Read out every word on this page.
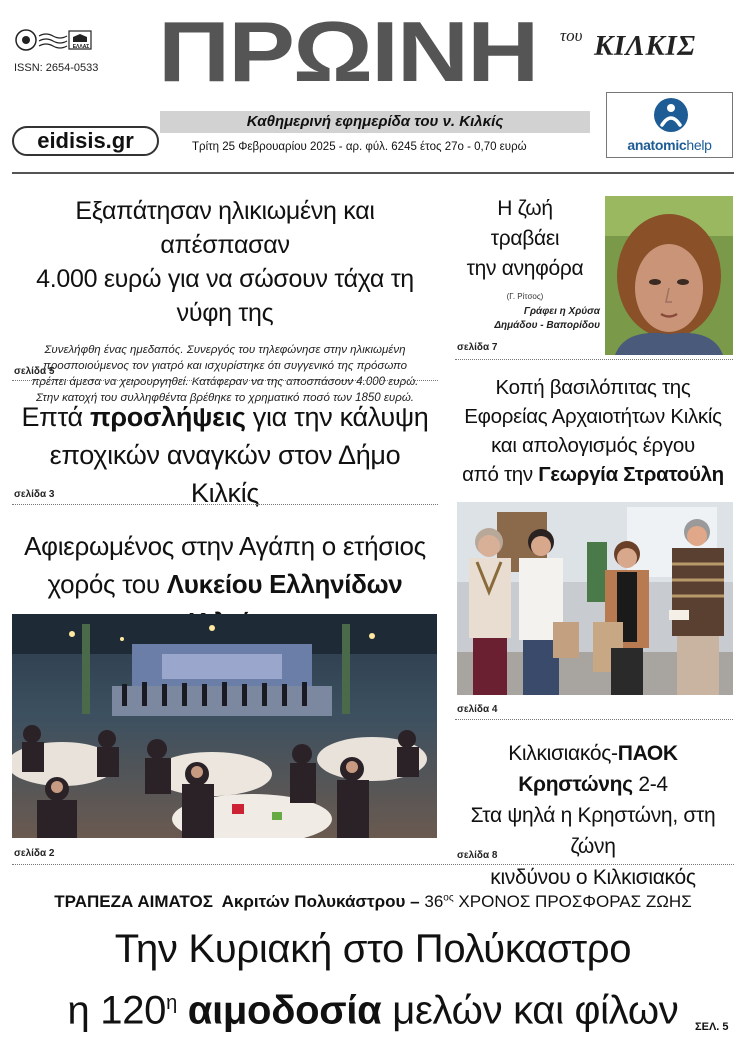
ΕΛΛΑΣ
ISSN: 2654-0533 ΠΡΩΙΝΗ	του ΚΙΛΚΙΣ
Καθημερινή εφημερίδα του ν. Κιλκίς
eidisis.gr	Τρίτη 25 Φεβρουαρίου 2025 - αρ. φύλ. 6245 έτος 27ο - 0,70 ευρώ	anatomichelp
Εξαπάτησαν ηλικιωμένη και απέσπασαν
4.000 ευρώ για να σώσουν τάχα τη νύφη της
Συνελήφθη ένας ημεδαπός. Συνεργός του τηλεφώνησε στην ηλικιωμένη
προσποιούμενος τον γιατρό και ισχυρίστηκε ότι συγγενικό της πρόσωπο
πρέπει άμεσα να χειρουργηθεί. Κατάφεραν να της αποσπάσουν 4.000 ευρώ.
Στην κατοχή του συλληφθέντα βρέθηκε το χρηματικό ποσό των 1850 ευρώ.
σελίδα 5
Επτά προσλήψεις για την κάλυψη
εποχικών αναγκών στον Δήμο Κιλκίς
σελίδα 3
Αφιερωμένος στην Αγάπη ο ετήσιος
χορός του Λυκείου Ελληνίδων
σελίδα 2
Η ζωή
τραβάει
την ανηφόρα
(Γ. Ρίτσος)
Γράφει η Χρύσα
Δημάδου - Βαπορίδου
σελίδα 7
Κοπή βασιλόπιτας της
Εφορείας Αρχαιοτήτων Κιλκίς
και απολογισμός έργου
από την Γεωργία Στρατούλη
σελίδα 4
Κιλκισιακός-ΠΑΟΚ Κρηστώνης 2-4
Στα ψηλά η Κρηστώνη, στη ζώνη
κινδύνου ο Κιλκισιακός
σελίδα 8
ΤΡΑΠΕΖΑ ΑΙΜΑΤΟΣ Ακριτών Πολυκάστρου – $36^{o\varsigma}$ ΧΡΟΝΟΣ ΠΡΟΣΦΟΡΑΣ ΖΩΗΣ
Την Κυριακή στο Πολύκαστρο
η $120^\eta$ αιμοδοσία μελών και φίλων	ΣΕΛ. 5
